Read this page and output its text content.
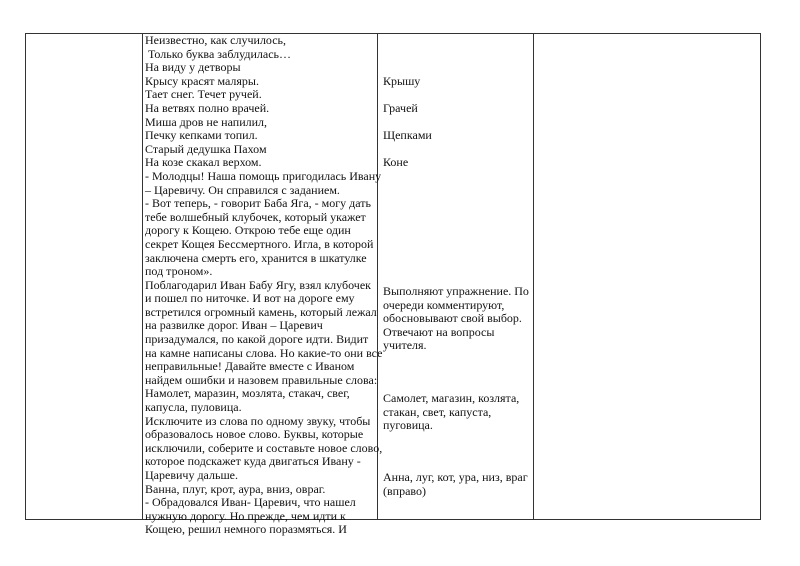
Неизвестно, как случилось,
Только буква заблудилась…
На виду у детворы
Крысу красят маляры.
Тает снег. Течет ручей.
На ветвях полно врачей.
Миша дров не напилил,
Печку кепками топил.
Старый дедушка Пахом
На козе скакал верхом.
- Молодцы! Наша помощь пригодилась Ивану
– Царевичу. Он справился с заданием.
- Вот теперь, - говорит Баба Яга, - могу дать
тебе волшебный клубочек, который укажет
дорогу к Кощею. Открою тебе еще один
секрет Кощея Бессмертного. Игла, в которой
заключена смерть его, хранится в шкатулке
под троном».
Поблагодарил Иван Бабу Ягу, взял клубочек
и пошел по ниточке. И вот на дороге ему
встретился огромный камень, который лежал
на развилке дорог. Иван – Царевич
призадумался, по какой дороге идти. Видит
на камне написаны слова. Но какие-то они все
неправильные! Давайте вместе с Иваном
найдем ошибки и назовем правильные слова:
Намолет, маразин, мозлята, стакач, свег,
капусла, пуловица.
Исключите из слова по одному звуку, чтобы
образовалось новое слово. Буквы, которые
исключили, соберите и составьте новое слово,
которое подскажет куда двигаться Ивану -
Царевичу дальше.
Ванна, плуг, крот, аура, вниз, овраг.
- Обрадовался Иван- Царевич, что нашел
нужную дорогу. Но прежде, чем идти к
Кощею, решил немного поразмяться. И
Крышу
Грачей
Щепками
Коне
Выполняют упражнение. По
очереди комментируют,
обосновывают свой выбор.
Отвечают на вопросы
учителя.
Самолет, магазин, козлята,
стакан, свет, капуста,
пуговица.
Анна, луг, кот, ура, низ, враг
(вправо)
